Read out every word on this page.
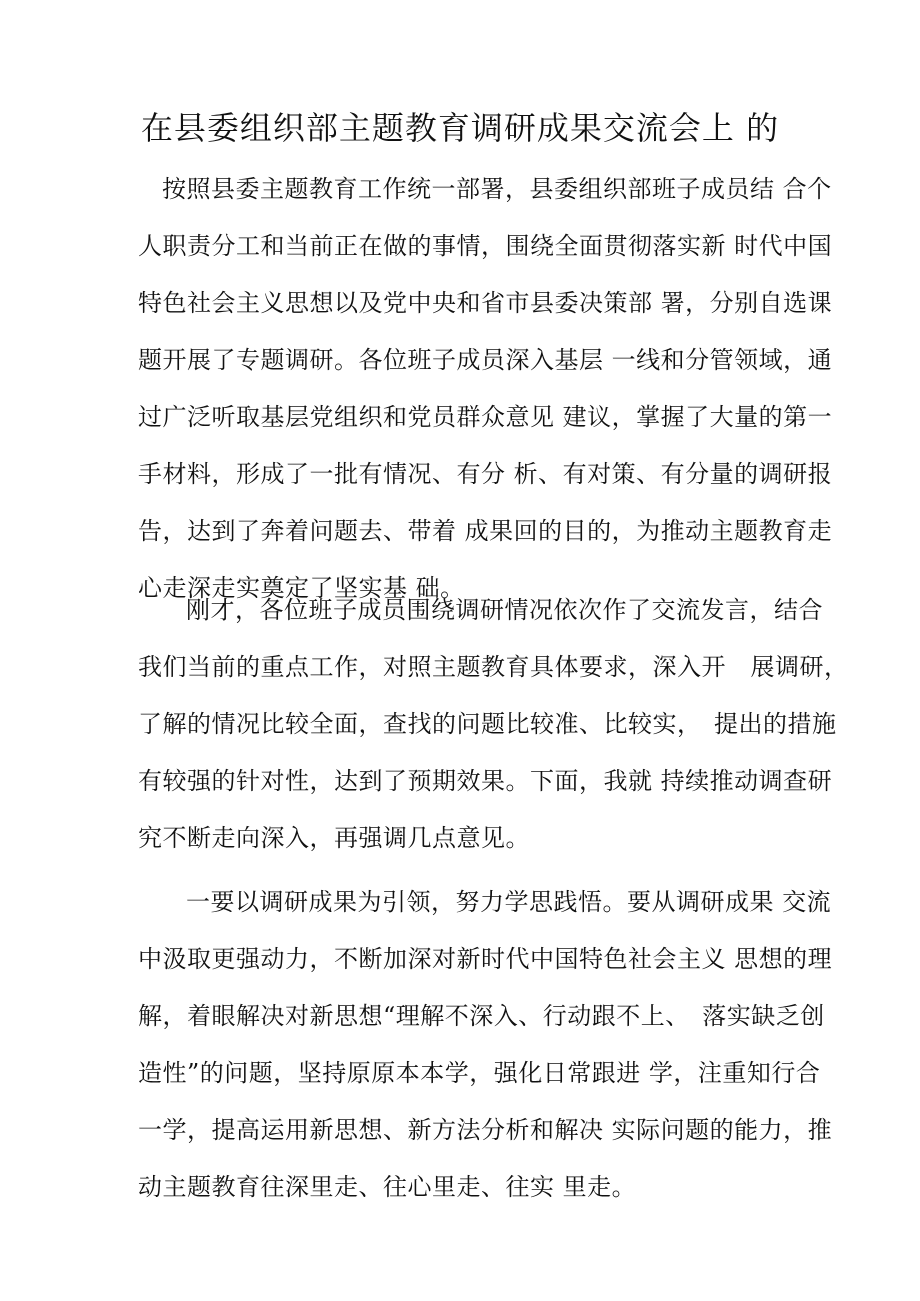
在县委组织部主题教育调研成果交流会上 的
按照县委主题教育工作统一部署，县委组织部班子成员结 合个
人职责分工和当前正在做的事情，围绕全面贯彻落实新 时代中国
特色社会主义思想以及党中央和省市县委决策部 署，分别自选课
题开展了专题调研。各位班子成员深入基层 一线和分管领域，通
过广泛听取基层党组织和党员群众意见 建议，掌握了大量的第一
手材料，形成了一批有情况、有分 析、有对策、有分量的调研报
告，达到了奔着问题去、带着 成果回的目的，为推动主题教育走
心走深走实奠定了坚实基 础。
刚才，各位班子成员围绕调研情况依次作了交流发言，结合
我们当前的重点工作，对照主题教育具体要求，深入开　展调研，
了解的情况比较全面，查找的问题比较准、比较实，　提出的措施
有较强的针对性，达到了预期效果。下面，我就 持续推动调查研
究不断走向深入，再强调几点意见。
一要以调研成果为引领，努力学思践悟。要从调研成果 交流
中汲取更强动力，不断加深对新时代中国特色社会主义 思想的理
解，着眼解决对新思想“理解不深入、行动跟不上、　落实缺乏创
造性”的问题，坚持原原本本学，强化日常跟进 学，注重知行合
一学，提高运用新思想、新方法分析和解决 实际问题的能力，推
动主题教育往深里走、往心里走、往实 里走。
